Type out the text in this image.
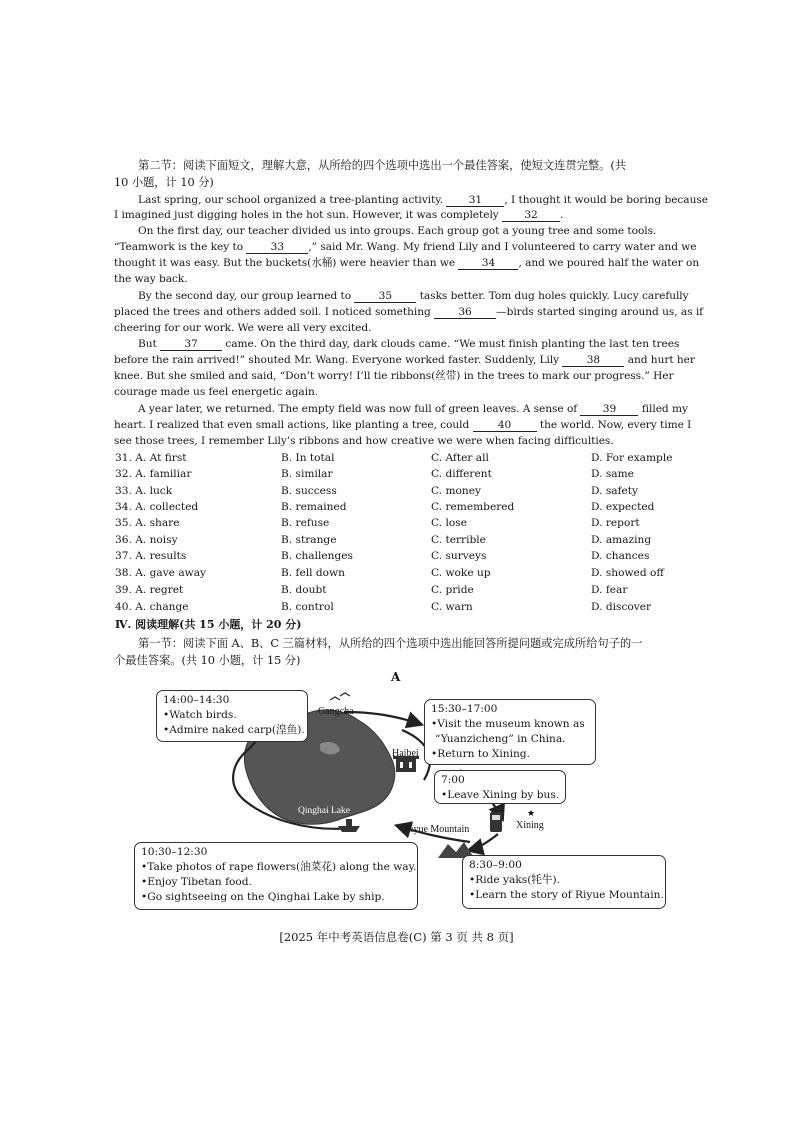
第二节：阅读下面短文，理解大意，从所给的四个选项中选出一个最佳答案，使短文连贯完整。(共
10 小题，计 10 分)
Last spring, our school organized a tree-planting activity. 31 , I thought it would be boring because
I imagined just digging holes in the hot sun. However, it was completely 32 .
On the first day, our teacher divided us into groups. Each group got a young tree and some tools.
“Teamwork is the key to	33 ,” said Mr. Wang. My friend Lily and I volunteered to carry water and we
thought it was easy. But the buckets(水桶) were heavier than we	34 , and we poured half the water on
the way back.
By the second day, our group learned to	35	tasks better. Tom dug holes quickly. Lucy carefully
placed the trees and others added soil. I noticed something	36 —birds started singing around us, as if
cheering for our work. We were all very excited.
But	37	came. On the third day, dark clouds came. “We must finish planting the last ten trees
before the rain arrived!” shouted Mr. Wang. Everyone worked faster. Suddenly, Lily	38	and hurt her
knee. But she smiled and said, “Don’t worry! I’ll tie ribbons(丝带) in the trees to mark our progress.” Her
courage made us feel energetic again.
A year later, we returned. The empty field was now full of green leaves. A sense of 39 filled my
heart. I realized that even small actions, like planting a tree, could	40	the world. Now, every time I
see those trees, I remember Lily’s ribbons and how creative we were when facing difficulties.
31. A. At first	B. In total	C. After all	D. For example
32. A. familiar	B. similar	C. different	D. same
33. A. luck	B. success	C. money	D. safety
34. A. collected	B. remained	C. remembered	D. expected
35. A. share	B. refuse	C. lose	D. report
36. A. noisy	B. strange	C. terrible	D. amazing
37. A. results	B. challenges	C. surveys	D. chances
38. A. gave away	B. fell down	C. woke up	D. showed off
39. A. regret	B. doubt	C. pride	D. fear
40. A. change	B. control	C. warn	D. discover
Ⅳ. 阅读理解(共 15 小题，计 20 分)
第一节：阅读下面 A、B、C 三篇材料，从所给的四个选项中选出能回答所提问题或完成所给句子的一
个最佳答案。(共 10 小题，计 15 分)
A
★
Gangcha
Haibei
Qinghai Lake
Riyue Mountain	Xining
14:00–14:30
•Watch birds.
•Admire naked carp(湟鱼).
15:30–17:00
•Visit the museum known as
“Yuanzicheng” in China.
•Return to Xining.
7:00
•Leave Xining by bus.
10:30–12:30
•Take photos of rape flowers(油菜花) along the way.
•Enjoy Tibetan food.
•Go sightseeing on the Qinghai Lake by ship.
8:30–9:00
•Ride yaks(牦牛).
•Learn the story of Riyue Mountain.
[2025 年中考英语信息卷(C) 第 3 页 共 8 页]
